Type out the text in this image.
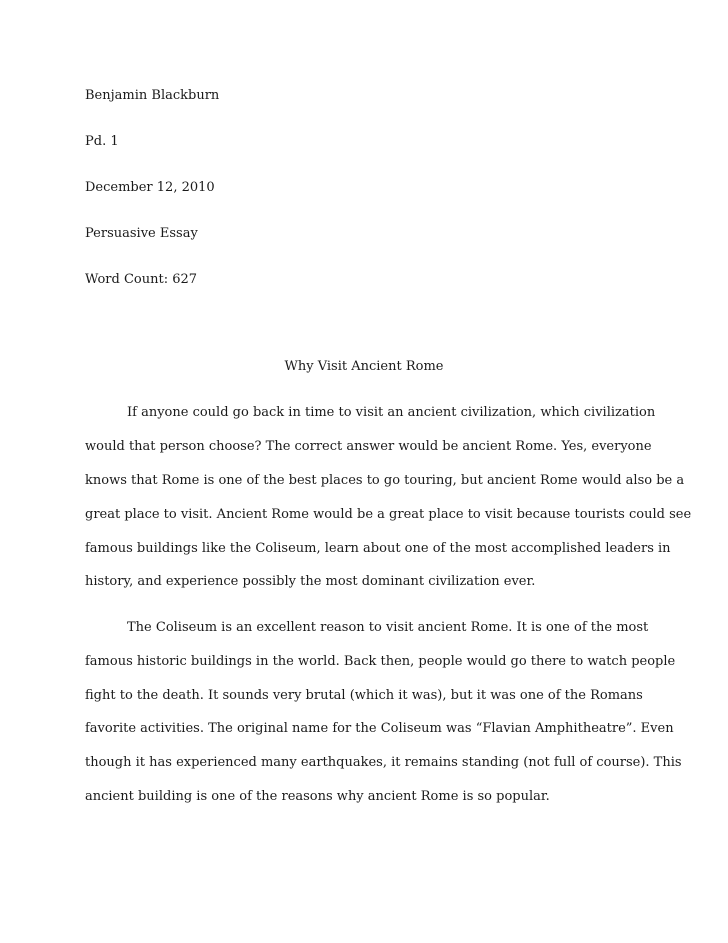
Benjamin Blackburn
Pd. 1
December 12, 2010
Persuasive Essay
Word Count: 627
Why Visit Ancient Rome
If anyone could go back in time to visit an ancient civilization, which civilization
would that person choose? The correct answer would be ancient Rome. Yes, everyone
knows that Rome is one of the best places to go touring, but ancient Rome would also be a
great place to visit. Ancient Rome would be a great place to visit because tourists could see
famous buildings like the Coliseum, learn about one of the most accomplished leaders in
history, and experience possibly the most dominant civilization ever.
The Coliseum is an excellent reason to visit ancient Rome. It is one of the most
famous historic buildings in the world. Back then, people would go there to watch people
fight to the death. It sounds very brutal (which it was), but it was one of the Romans
favorite activities. The original name for the Coliseum was “Flavian Amphitheatre”. Even
though it has experienced many earthquakes, it remains standing (not full of course). This
ancient building is one of the reasons why ancient Rome is so popular.
